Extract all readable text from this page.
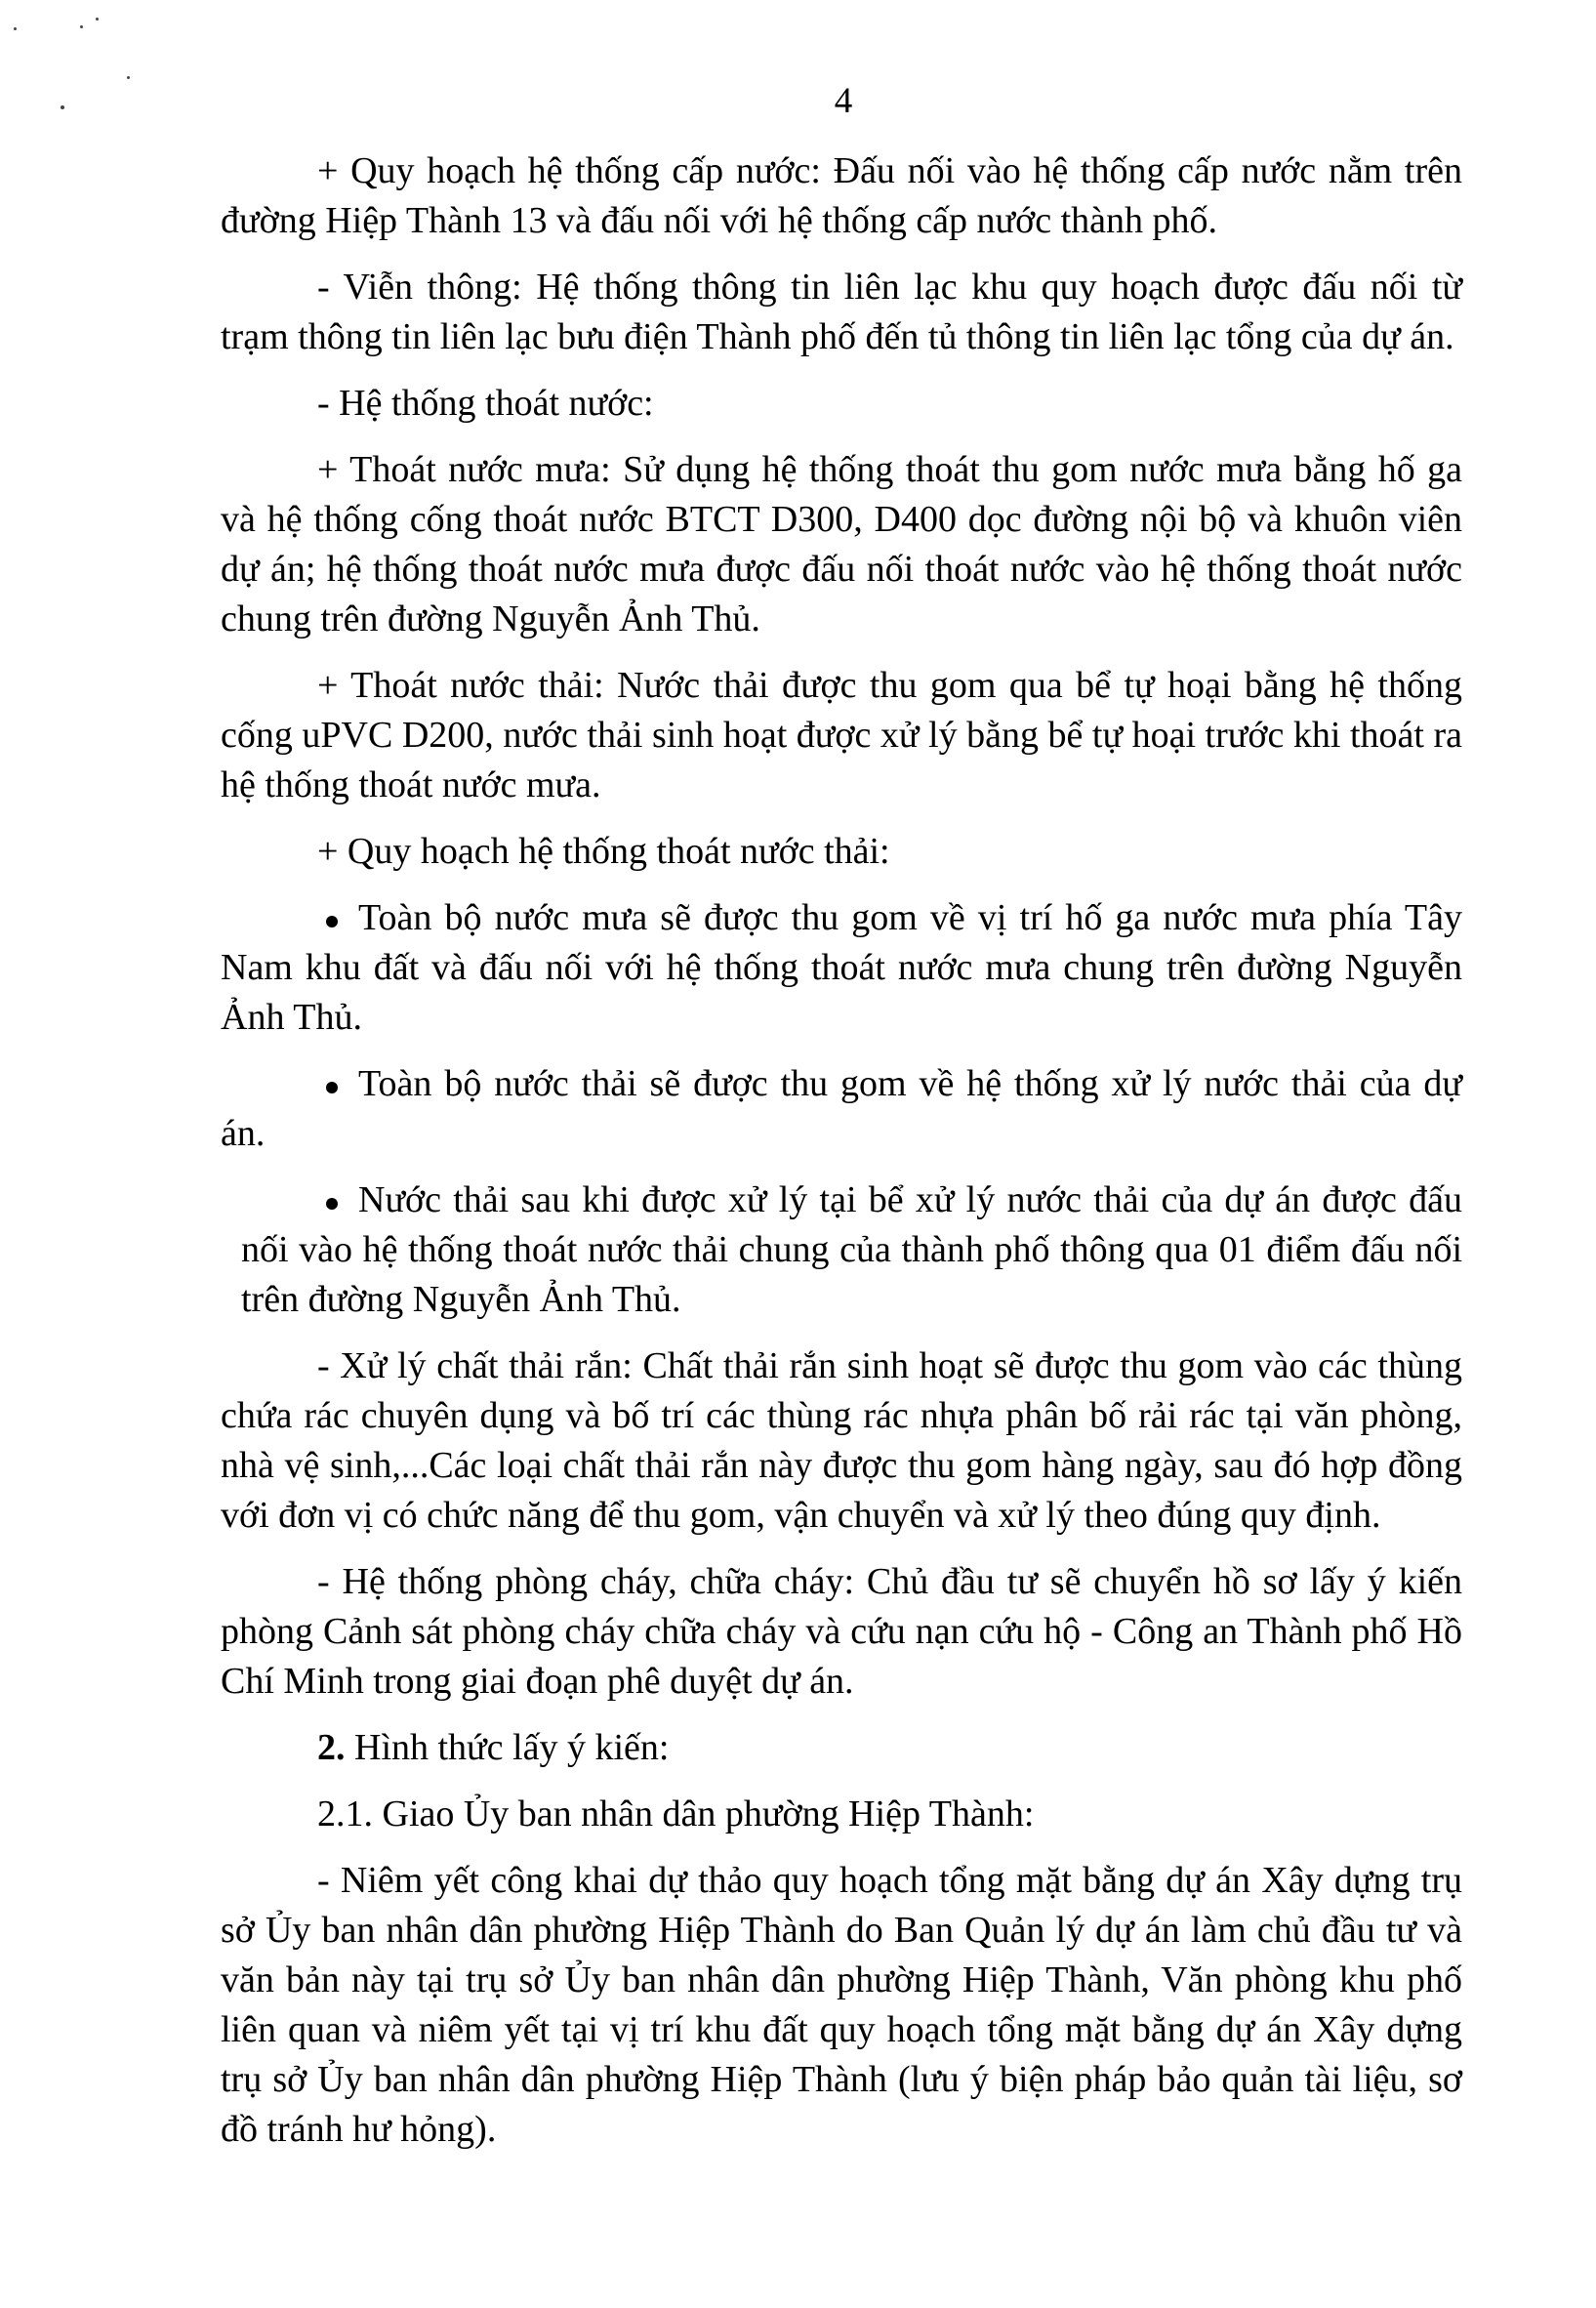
4

+ Quy hoạch hệ thống cấp nước: Đấu nối vào hệ thống cấp nước nằm trên đường Hiệp Thành 13 và đấu nối với hệ thống cấp nước thành phố.

- Viễn thông: Hệ thống thông tin liên lạc khu quy hoạch được đấu nối từ trạm thông tin liên lạc bưu điện Thành phố đến tủ thông tin liên lạc tổng của dự án.

- Hệ thống thoát nước:

+ Thoát nước mưa: Sử dụng hệ thống thoát thu gom nước mưa bằng hố ga và hệ thống cống thoát nước BTCT D300, D400 dọc đường nội bộ và khuôn viên dự án; hệ thống thoát nước mưa được đấu nối thoát nước vào hệ thống thoát nước chung trên đường Nguyễn Ảnh Thủ.

+ Thoát nước thải: Nước thải được thu gom qua bể tự hoại bằng hệ thống cống uPVC D200, nước thải sinh hoạt được xử lý bằng bể tự hoại trước khi thoát ra hệ thống thoát nước mưa.

+ Quy hoạch hệ thống thoát nước thải:

Toàn bộ nước mưa sẽ được thu gom về vị trí hố ga nước mưa phía Tây Nam khu đất và đấu nối với hệ thống thoát nước mưa chung trên đường Nguyễn Ảnh Thủ.

Toàn bộ nước thải sẽ được thu gom về hệ thống xử lý nước thải của dự án.

Nước thải sau khi được xử lý tại bể xử lý nước thải của dự án được đấu nối vào hệ thống thoát nước thải chung của thành phố thông qua 01 điểm đấu nối trên đường Nguyễn Ảnh Thủ.

- Xử lý chất thải rắn: Chất thải rắn sinh hoạt sẽ được thu gom vào các thùng chứa rác chuyên dụng và bố trí các thùng rác nhựa phân bố rải rác tại văn phòng, nhà vệ sinh,...Các loại chất thải rắn này được thu gom hàng ngày, sau đó hợp đồng với đơn vị có chức năng để thu gom, vận chuyển và xử lý theo đúng quy định.

- Hệ thống phòng cháy, chữa cháy: Chủ đầu tư sẽ chuyển hồ sơ lấy ý kiến phòng Cảnh sát phòng cháy chữa cháy và cứu nạn cứu hộ - Công an Thành phố Hồ Chí Minh trong giai đoạn phê duyệt dự án.

2. Hình thức lấy ý kiến:

2.1. Giao Ủy ban nhân dân phường Hiệp Thành:

- Niêm yết công khai dự thảo quy hoạch tổng mặt bằng dự án Xây dựng trụ sở Ủy ban nhân dân phường Hiệp Thành do Ban Quản lý dự án làm chủ đầu tư và văn bản này tại trụ sở Ủy ban nhân dân phường Hiệp Thành, Văn phòng khu phố liên quan và niêm yết tại vị trí khu đất quy hoạch tổng mặt bằng dự án Xây dựng trụ sở Ủy ban nhân dân phường Hiệp Thành (lưu ý biện pháp bảo quản tài liệu, sơ đồ tránh hư hỏng).
